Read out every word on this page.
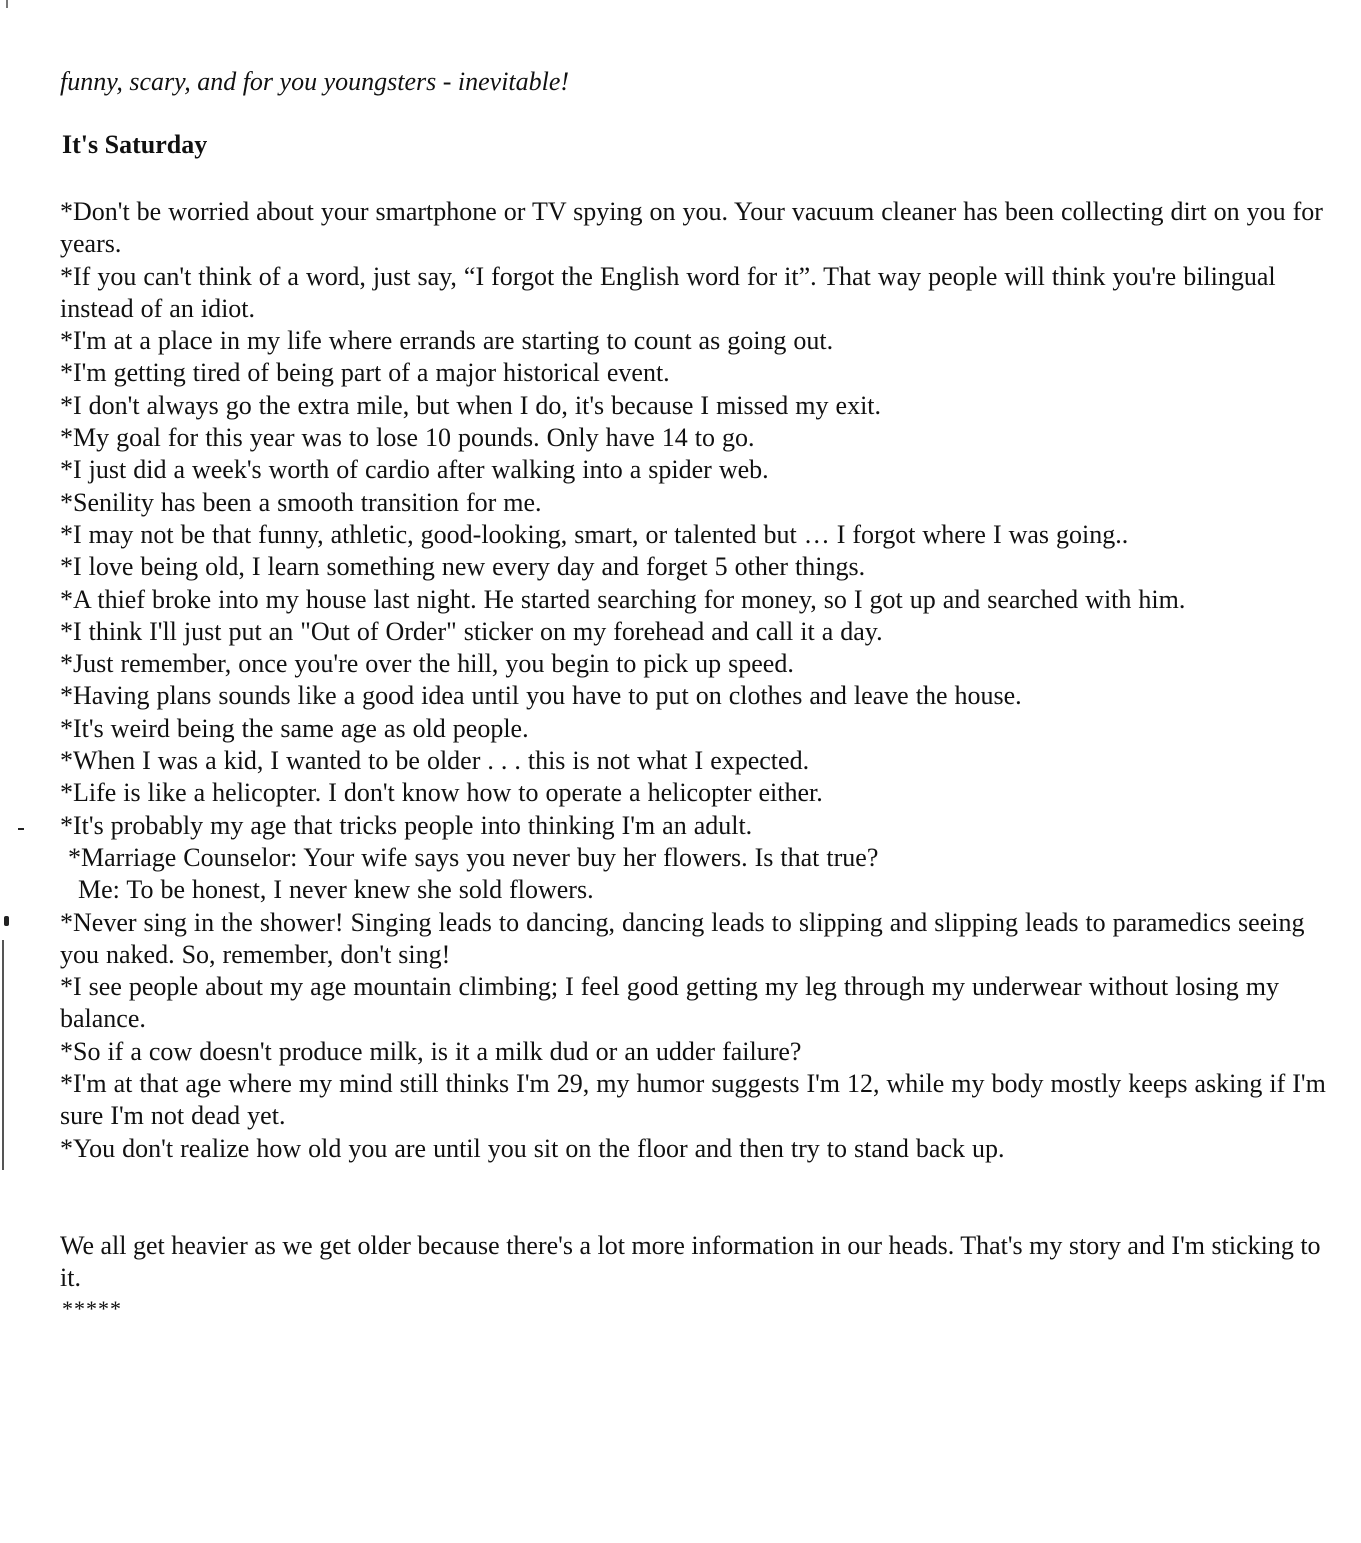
funny, scary, and for you youngsters - inevitable!
It's Saturday

*Don't be worried about your smartphone or TV spying on you. Your vacuum cleaner has been collecting dirt on you for years.

*If you can't think of a word, just say, “I forgot the English word for it”. That way people will think you're bilingual instead of an idiot.

*I'm at a place in my life where errands are starting to count as going out.

*I'm getting tired of being part of a major historical event.

*I don't always go the extra mile, but when I do, it's because I missed my exit.

*My goal for this year was to lose 10 pounds. Only have 14 to go.

*I just did a week's worth of cardio after walking into a spider web.

*Senility has been a smooth transition for me.

*I may not be that funny, athletic, good-looking, smart, or talented but … I forgot where I was going..

*I love being old, I learn something new every day and forget 5 other things.

*A thief broke into my house last night. He started searching for money, so I got up and searched with him.

*I think I'll just put an "Out of Order" sticker on my forehead and call it a day.

*Just remember, once you're over the hill, you begin to pick up speed.

*Having plans sounds like a good idea until you have to put on clothes and leave the house.

*It's weird being the same age as old people.

*When I was a kid, I wanted to be older . . . this is not what I expected.

*Life is like a helicopter. I don't know how to operate a helicopter either.

*It's probably my age that tricks people into thinking I'm an adult.

*Marriage Counselor: Your wife says you never buy her flowers. Is that true?

Me: To be honest, I never knew she sold flowers.

*Never sing in the shower! Singing leads to dancing, dancing leads to slipping and slipping leads to paramedics seeing you naked. So, remember, don't sing!

*I see people about my age mountain climbing; I feel good getting my leg through my underwear without losing my balance.

*So if a cow doesn't produce milk, is it a milk dud or an udder failure?

*I'm at that age where my mind still thinks I'm 29, my humor suggests I'm 12, while my body mostly keeps asking if I'm sure I'm not dead yet.

*You don't realize how old you are until you sit on the floor and then try to stand back up.

We all get heavier as we get older because there's a lot more information in our heads. That's my story and I'm sticking to it.
*****
